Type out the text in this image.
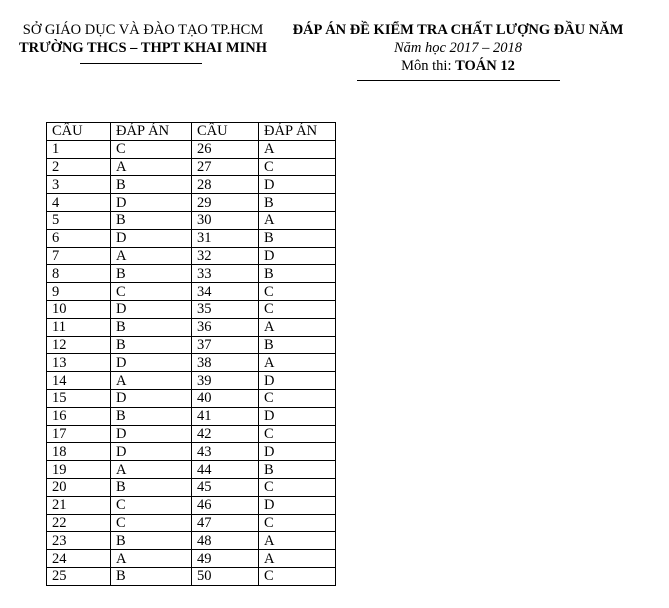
SỞ GIÁO DỤC VÀ ĐÀO TẠO TP.HCM
TRƯỜNG THCS – THPT KHAI MINH
ĐÁP ÁN ĐỀ KIỂM TRA CHẤT LƯỢNG ĐẦU NĂM
Năm học 2017 – 2018
Môn thi: TOÁN 12
CÂU	ĐÁP ÁN	CÂU	ĐÁP ÁN
1	C	26	A
2	A	27	C
3	B	28	D
4	D	29	B
5	B	30	A
6	D	31	B
7	A	32	D
8	B	33	B
9	C	34	C
10	D	35	C
11	B	36	A
12	B	37	B
13	D	38	A
14	A	39	D
15	D	40	C
16	B	41	D
17	D	42	C
18	D	43	D
19	A	44	B
20	B	45	C
21	C	46	D
22	C	47	C
23	B	48	A
24	A	49	A
25	B	50	C
